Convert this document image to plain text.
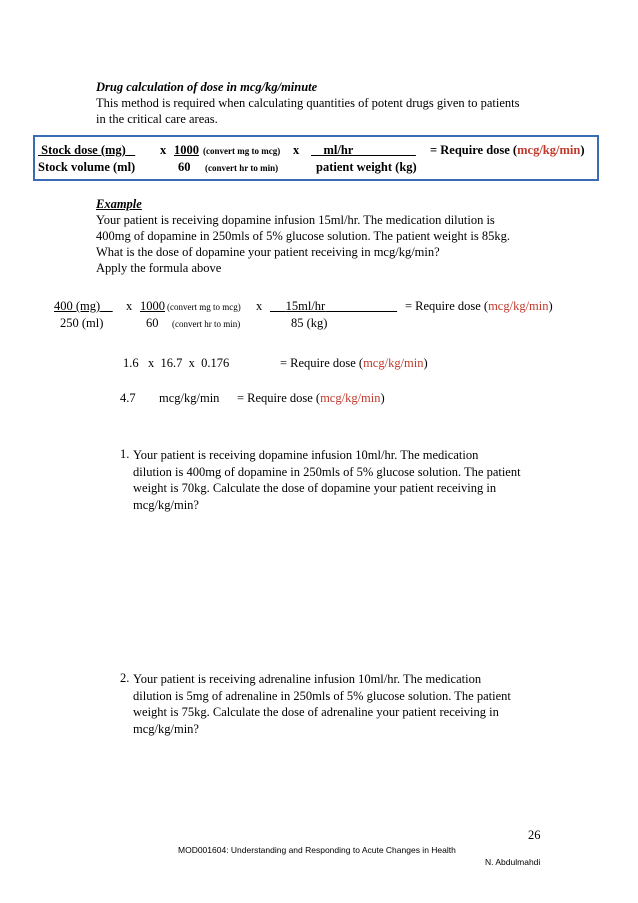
Drug calculation of dose in mcg/kg/minute
This method is required when calculating quantities of potent drugs given to patients
in the critical care areas.
Stock dose (mg)	x 1000 (convert mg to mcg) x	ml/hr	= Require dose (mcg/kg/min)
Stock volume (ml)	60 (convert hr to min)	patient weight (kg)
Example
Your patient is receiving dopamine infusion 15ml/hr. The medication dilution is
400mg of dopamine in 250mls of 5% glucose solution. The patient weight is 85kg.
What is the dose of dopamine your patient receiving in mcg/kg/min?
Apply the formula above
400 (mg)	x 1000 (convert mg to mcg) x	15ml/hr	= Require dose (mcg/kg/min)
250 (ml)	60 (convert hr to min)	85 (kg)
1.6   x  16.7  x  0.176	= Require dose (mcg/kg/min)
4.7 mcg/kg/min = Require dose (mcg/kg/min)
1. Your patient is receiving dopamine infusion 10ml/hr. The medication
dilution is 400mg of dopamine in 250mls of 5% glucose solution. The patient
weight is 70kg. Calculate the dose of dopamine your patient receiving in
mcg/kg/min?
2. Your patient is receiving adrenaline infusion 10ml/hr. The medication
dilution is 5mg of adrenaline in 250mls of 5% glucose solution. The patient
weight is 75kg. Calculate the dose of adrenaline your patient receiving in
mcg/kg/min?
26
MOD001604: Understanding and Responding to Acute Changes in Health
N. Abdulmahdi
